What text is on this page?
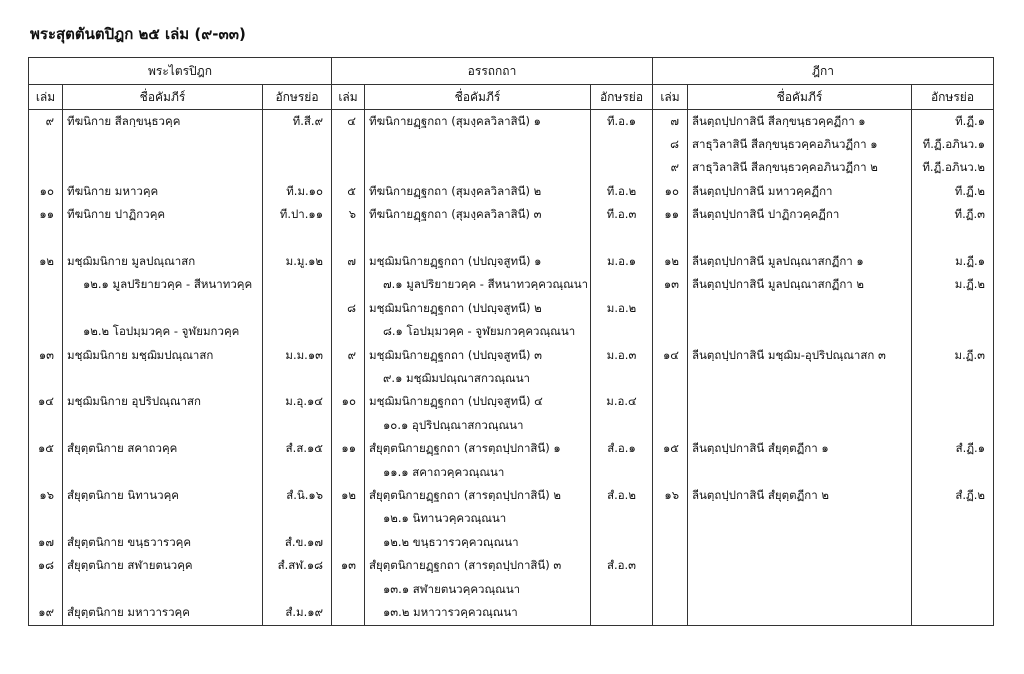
พระสุตตันตปิฎก ๒๕ เล่ม (๙-๓๓)
พระไตรปิฎก			อรรถกถา			ฎีกา		
เล่ม	ชื่อคัมภีร์	อักษรย่อ	เล่ม	ชื่อคัมภีร์	อักษรย่อ	เล่ม	ชื่อคัมภีร์	อักษรย่อ
๙	ทีฆนิกาย สีลกฺขนฺธวคฺค	ที.สี.๙	๔	ทีฆนิกายฏฺฐกถา (สุมงฺคลวิลาสินี) ๑	ที.อ.๑	๗	ลีนตฺถปฺปกาสินี สีลกฺขนฺธวคฺคฏีกา ๑	ที.ฏี.๑
						๘	สาธุวิลาสินี สีลกฺขนฺธวคฺคอภินวฏีกา ๑	ที.ฏี.อภินว.๑
						๙	สาธุวิลาสินี สีลกฺขนฺธวคฺคอภินวฏีกา ๒	ที.ฏี.อภินว.๒
๑๐	ทีฆนิกาย มหาวคฺค	ที.ม.๑๐	๕	ทีฆนิกายฏฺฐกถา (สุมงฺคลวิลาสินี) ๒	ที.อ.๒	๑๐	ลีนตฺถปฺปกาสินี มหาวคฺคฏีกา	ที.ฏี.๒
๑๑	ทีฆนิกาย ปาฏิกวคฺค	ที.ปา.๑๑	๖	ทีฆนิกายฏฺฐกถา (สุมงฺคลวิลาสินี) ๓	ที.อ.๓	๑๑	ลีนตฺถปฺปกาสินี ปาฏิกวคฺคฏีกา	ที.ฏี.๓

๑๒	มชฺฌิมนิกาย มูลปณฺณาสก	ม.มู.๑๒	๗	มชฺฌิมนิกายฏฺฐกถา (ปปญฺจสูทนี) ๑	ม.อ.๑	๑๒	ลีนตฺถปฺปกาสินี มูลปณฺณาสกฏีกา ๑	ม.ฏี.๑
	๑๒.๑ มูลปริยายวคฺค - สีหนาทวคฺค			๗.๑ มูลปริยายวคฺค - สีหนาทวคฺควณฺณนา		๑๓	ลีนตฺถปฺปกาสินี มูลปณฺณาสกฏีกา ๒	ม.ฏี.๒
			๘	มชฺฌิมนิกายฏฺฐกถา (ปปญฺจสูทนี) ๒	ม.อ.๒			
	๑๒.๒ โอปมฺมวคฺค - จูฬยมกวคฺค			๘.๑ โอปมฺมวคฺค - จูฬยมกวคฺควณฺณนา				
๑๓	มชฺฌิมนิกาย มชฺฌิมปณฺณาสก	ม.ม.๑๓	๙	มชฺฌิมนิกายฏฺฐกถา (ปปญฺจสูทนี) ๓	ม.อ.๓	๑๔	ลีนตฺถปฺปกาสินี มชฺฌิม-อุปริปณฺณาสก ๓	ม.ฏี.๓
				๙.๑ มชฺฌิมปณฺณาสกวณฺณนา				
๑๔	มชฺฌิมนิกาย อุปริปณฺณาสก	ม.อุ.๑๔	๑๐	มชฺฌิมนิกายฏฺฐกถา (ปปญฺจสูทนี) ๔	ม.อ.๔			
				๑๐.๑ อุปริปณฺณาสกวณฺณนา				
๑๕	สํยุตฺตนิกาย สคาถวคฺค	สํ.ส.๑๕	๑๑	สํยุตฺตนิกายฏฺฐกถา (สารตฺถปฺปกาสินี) ๑	สํ.อ.๑	๑๕	ลีนตฺถปฺปกาสินี สํยุตฺตฏีกา ๑	สํ.ฏี.๑
				๑๑.๑ สคาถวคฺควณฺณนา				
๑๖	สํยุตฺตนิกาย นิทานวคฺค	สํ.นิ.๑๖	๑๒	สํยุตฺตนิกายฏฺฐกถา (สารตฺถปฺปกาสินี) ๒	สํ.อ.๒	๑๖	ลีนตฺถปฺปกาสินี สํยุตฺตฏีกา ๒	สํ.ฏี.๒
				๑๒.๑ นิทานวคฺควณฺณนา				
๑๗	สํยุตฺตนิกาย ขนฺธวารวคฺค	สํ.ข.๑๗		๑๒.๒ ขนฺธวารวคฺควณฺณนา				
๑๘	สํยุตฺตนิกาย สฬายตนวคฺค	สํ.สฬ.๑๘	๑๓	สํยุตฺตนิกายฏฺฐกถา (สารตฺถปฺปกาสินี) ๓	สํ.อ.๓			
				๑๓.๑ สฬายตนวคฺควณฺณนา				
๑๙	สํยุตฺตนิกาย มหาวารวคฺค	สํ.ม.๑๙		๑๓.๒ มหาวารวคฺควณฺณนา				
